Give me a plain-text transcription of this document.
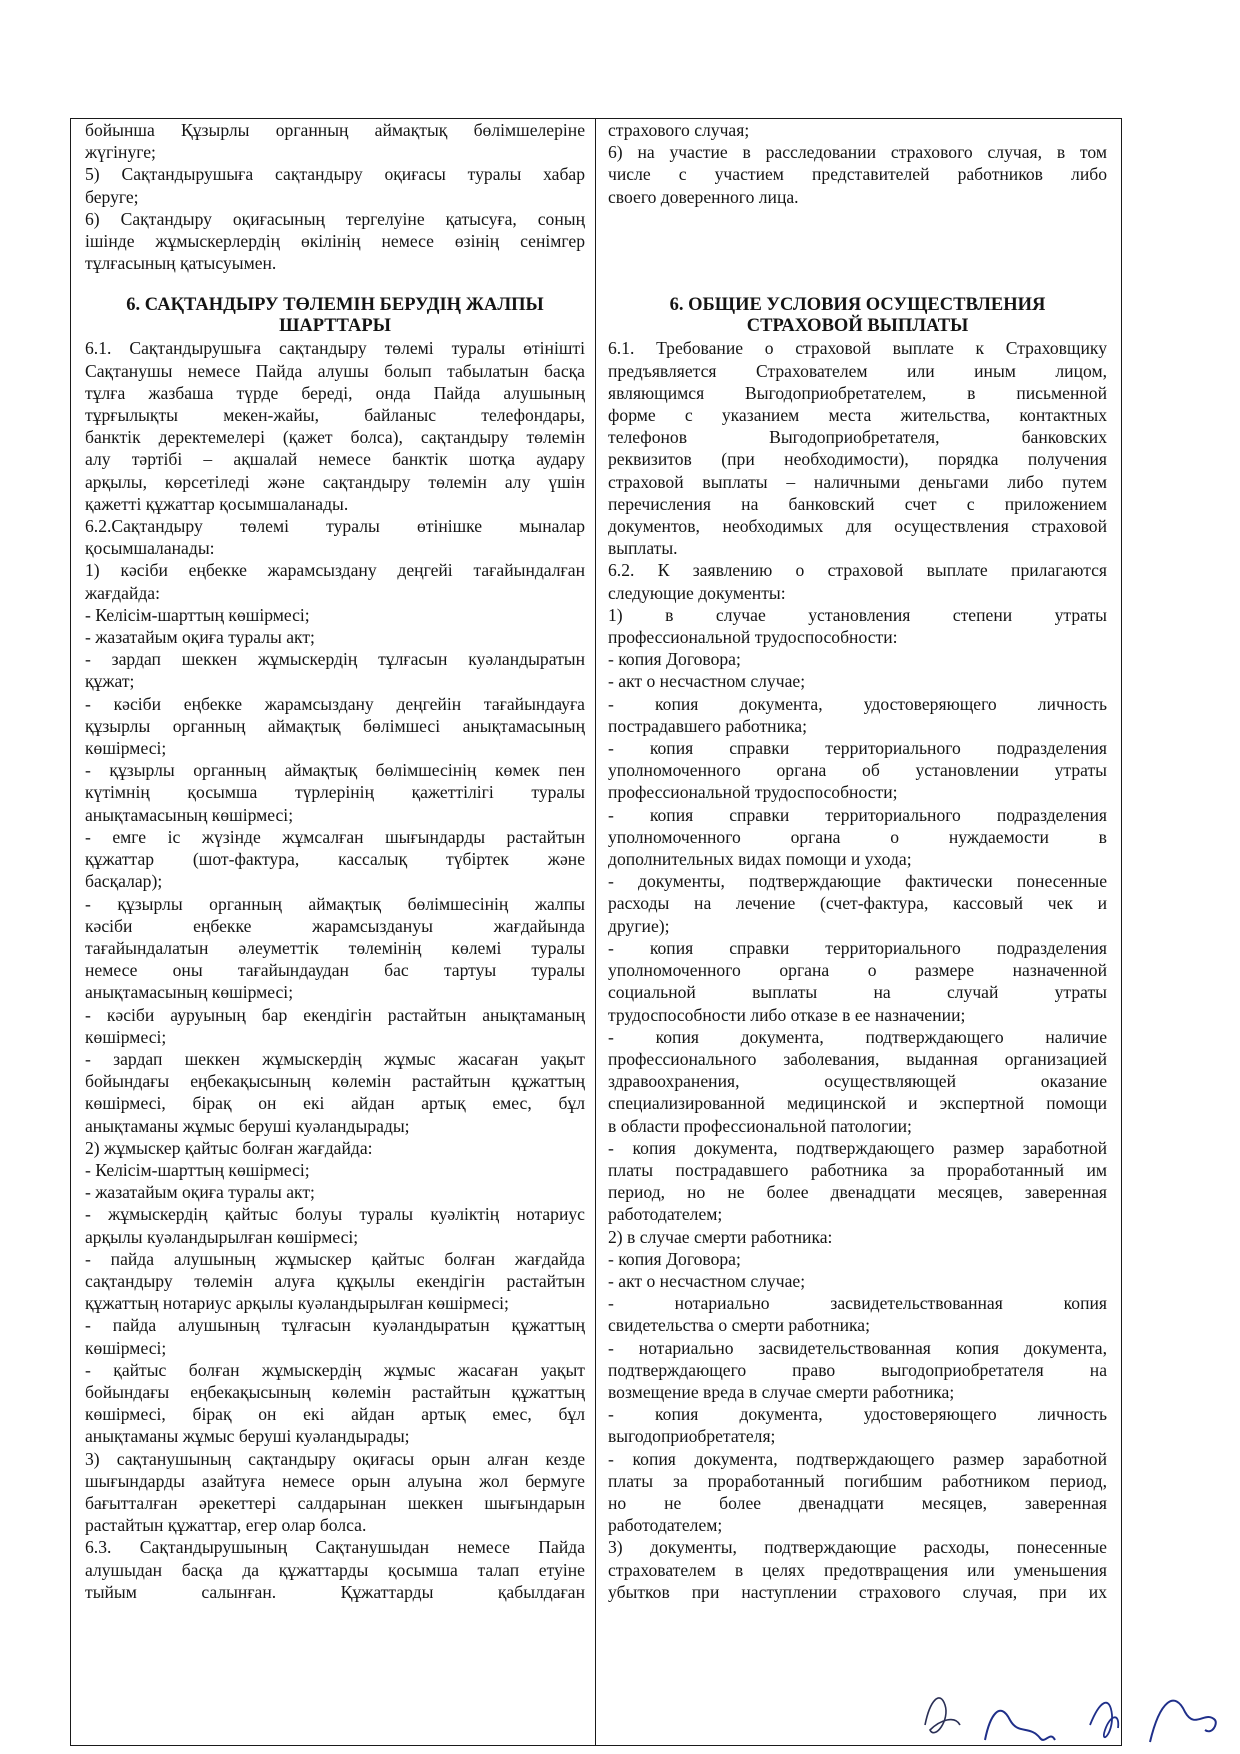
бойынша Құзырлы органның аймақтық бөлімшелеріне

жүгінуге;

5) Сақтандырушыға сақтандыру оқиғасы туралы хабар

беруге;

6) Сақтандыру оқиғасының тергелуіне қатысуға, соның

ішінде жұмыскерлердің өкілінің немесе өзінің сенімгер

тұлғасының қатысуымен.

6. САҚТАНДЫРУ ТӨЛЕМІН БЕРУДІҢ ЖАЛПЫ

ШАРТТАРЫ

6.1. Сақтандырушыға сақтандыру төлемі туралы өтінішті

Сақтанушы немесе Пайда алушы болып табылатын басқа

тұлға жазбаша түрде береді, онда Пайда алушының

тұрғылықты мекен-жайы, байланыс телефондары,

банктік деректемелері (қажет болса), сақтандыру төлемін

алу тәртібі – ақшалай немесе банктік шотқа аудару

арқылы, көрсетіледі және сақтандыру төлемін алу үшін

қажетті құжаттар қосымшаланады.

6.2.Сақтандыру төлемі туралы өтінішке мыналар

қосымшаланады:

1) кәсіби еңбекке жарамсыздану деңгейі тағайындалған

жағдайда:

- Келісім-шарттың көшірмесі;

- жазатайым оқиға туралы акт;

- зардап шеккен жұмыскердің тұлғасын куәландыратын

құжат;

- кәсіби еңбекке жарамсыздану деңгейін тағайындауға

құзырлы органның аймақтық бөлімшесі анықтамасының

көшірмесі;

- құзырлы органның аймақтық бөлімшесінің көмек пен

күтімнің қосымша түрлерінің қажеттілігі туралы

анықтамасының көшірмесі;

- емге іс жүзінде жұмсалған шығындарды растайтын

құжаттар (шот-фактура, кассалық түбіртек және

басқалар);

- құзырлы органның аймақтық бөлімшесінің жалпы

кәсіби еңбекке жарамсыздануы жағдайында

тағайындалатын әлеуметтік төлемінің көлемі туралы

немесе оны тағайындаудан бас тартуы туралы

анықтамасының көшірмесі;

- кәсіби ауруының бар екендігін растайтын анықтаманың

көшірмесі;

- зардап шеккен жұмыскердің жұмыс жасаған уақыт

бойындағы еңбекақысының көлемін растайтын құжаттың

көшірмесі, бірақ он екі айдан артық емес, бұл

анықтаманы жұмыс беруші куәландырады;

2) жұмыскер қайтыс болған жағдайда:

- Келісім-шарттың көшірмесі;

- жазатайым оқиға туралы акт;

- жұмыскердің қайтыс болуы туралы куәліктің нотариус

арқылы куәландырылған көшірмесі;

- пайда алушының жұмыскер қайтыс болған жағдайда

сақтандыру төлемін алуға құқылы екендігін растайтын

құжаттың нотариус арқылы куәландырылған көшірмесі;

- пайда алушының тұлғасын куәландыратын құжаттың

көшірмесі;

- қайтыс болған жұмыскердің жұмыс жасаған уақыт

бойындағы еңбекақысының көлемін растайтын құжаттың

көшірмесі, бірақ он екі айдан артық емес, бұл

анықтаманы жұмыс беруші куәландырады;

3) сақтанушының сақтандыру оқиғасы орын алған кезде

шығындарды азайтуға немесе орын алуына жол бермуге

бағытталған әрекеттері салдарынан шеккен шығындарын

растайтын құжаттар, егер олар болса.

6.3. Сақтандырушының Сақтанушыдан немесе Пайда

алушыдан басқа да құжаттарды қосымша талап етуіне

тыйым салынған. Құжаттарды қабылдаған

страхового случая;

6) на участие в расследовании страхового случая, в том

числе с участием представителей работников либо

своего доверенного лица.

6. ОБЩИЕ УСЛОВИЯ ОСУЩЕСТВЛЕНИЯ

СТРАХОВОЙ ВЫПЛАТЫ

6.1. Требование о страховой выплате к Страховщику

предъявляется Страхователем или иным лицом,

являющимся Выгодоприобретателем, в письменной

форме с указанием места жительства, контактных

телефонов Выгодоприобретателя, банковских

реквизитов (при необходимости), порядка получения

страховой выплаты – наличными деньгами либо путем

перечисления на банковский счет с приложением

документов, необходимых для осуществления страховой

выплаты.

6.2. К заявлению о страховой выплате прилагаются

следующие документы:

1) в случае установления степени утраты

профессиональной трудоспособности:

- копия Договора;

- акт о несчастном случае;

- копия документа, удостоверяющего личность

пострадавшего работника;

- копия справки территориального подразделения

уполномоченного органа об установлении утраты

профессиональной трудоспособности;

- копия справки территориального подразделения

уполномоченного органа о нуждаемости в

дополнительных видах помощи и ухода;

- документы, подтверждающие фактически понесенные

расходы на лечение (счет-фактура, кассовый чек и

другие);

- копия справки территориального подразделения

уполномоченного органа о размере назначенной

социальной выплаты на случай утраты

трудоспособности либо отказе в ее назначении;

- копия документа, подтверждающего наличие

профессионального заболевания, выданная организацией

здравоохранения, осуществляющей оказание

специализированной медицинской и экспертной помощи

в области профессиональной патологии;

- копия документа, подтверждающего размер заработной

платы пострадавшего работника за проработанный им

период, но не более двенадцати месяцев, заверенная

работодателем;

2) в случае смерти работника:

- копия Договора;

- акт о несчастном случае;

- нотариально засвидетельствованная копия

свидетельства о смерти работника;

- нотариально засвидетельствованная копия документа,

подтверждающего право выгодоприобретателя на

возмещение вреда в случае смерти работника;

- копия документа, удостоверяющего личность

выгодоприобретателя;

- копия документа, подтверждающего размер заработной

платы за проработанный погибшим работником период,

но не более двенадцати месяцев, заверенная

работодателем;

3) документы, подтверждающие расходы, понесенные

страхователем в целях предотвращения или уменьшения

убытков при наступлении страхового случая, при их
